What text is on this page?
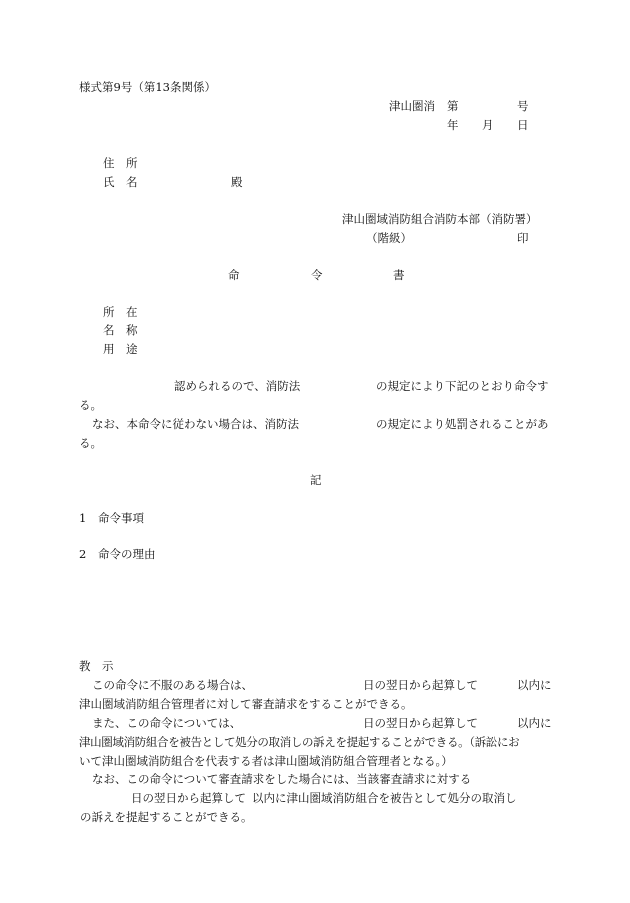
様式第9号（第13条関係）
津山圏消 第	号
年 月 日
住　所
氏　名	殿
津山圏域消防組合消防本部（消防署）
（階級）	印
命	令	書
所　在
名　称
用　途
認められるので、消防法	の規定により下記のとおり命令す
る。
なお、本命令に従わない場合は、消防法	の規定により処罰されることがあ
る。
記
1 命令事項
2 命令の理由
教　示
この命令に不服のある場合は、	日の翌日から起算して	以内に
津山圏域消防組合管理者に対して審査請求をすることができる。
また、この命令については、	日の翌日から起算して	以内に
津山圏域消防組合を被告として処分の取消しの訴えを提起することができる。（訴訟にお
いて津山圏域消防組合を代表する者は津山圏域消防組合管理者となる。）
なお、この命令について審査請求をした場合には、当該審査請求に対する
日の翌日から起算して 以内に津山圏域消防組合を被告として処分の取消し
の訴えを提起することができる。
